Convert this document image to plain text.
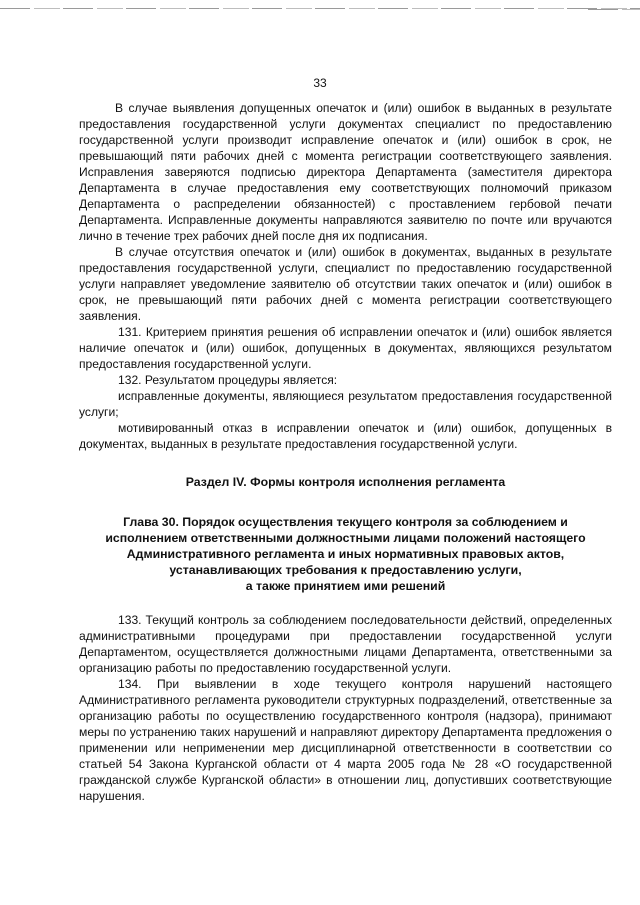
33

В случае выявления допущенных опечаток и (или) ошибок в выданных в результате предоставления государственной услуги документах специалист по предоставлению государственной услуги производит исправление опечаток и (или) ошибок в срок, не превышающий пяти рабочих дней с момента регистрации соответствующего заявления. Исправления заверяются подписью директора Департамента (заместителя директора Департамента в случае предоставления ему соответствующих полномочий приказом Департамента о распределении обязанностей) с проставлением гербовой печати Департамента. Исправленные документы направляются заявителю по почте или вручаются лично в течение трех рабочих дней после дня их подписания.

В случае отсутствия опечаток и (или) ошибок в документах, выданных в результате предоставления государственной услуги, специалист по предоставлению государственной услуги направляет уведомление заявителю об отсутствии таких опечаток и (или) ошибок в срок, не превышающий пяти рабочих дней с момента регистрации соответствующего заявления.

131. Критерием принятия решения об исправлении опечаток и (или) ошибок является наличие опечаток и (или) ошибок, допущенных в документах, являющихся результатом предоставления государственной услуги.

132. Результатом процедуры является:

исправленные документы, являющиеся результатом предоставления государственной услуги;

мотивированный отказ в исправлении опечаток и (или) ошибок, допущенных в документах, выданных в результате предоставления государственной услуги.

Раздел IV. Формы контроля исполнения регламента

Глава 30. Порядок осуществления текущего контроля за соблюдением и
исполнением ответственными должностными лицами положений настоящего
Административного регламента и иных нормативных правовых актов,
устанавливающих требования к предоставлению услуги,
а также принятием ими решений

133. Текущий контроль за соблюдением последовательности действий, определенных административными процедурами при предоставлении государственной услуги Департаментом, осуществляется должностными лицами Департамента, ответственными за организацию работы по предоставлению государственной услуги.

134. При выявлении в ходе текущего контроля нарушений настоящего Административного регламента руководители структурных подразделений, ответственные за организацию работы по осуществлению государственного контроля (надзора), принимают меры по устранению таких нарушений и направляют директору Департамента предложения о применении или неприменении мер дисциплинарной ответственности в соответствии со статьей 54 Закона Курганской области от 4 марта 2005 года № 28 «О государственной гражданской службе Курганской области» в отношении лиц, допустивших соответствующие нарушения.
